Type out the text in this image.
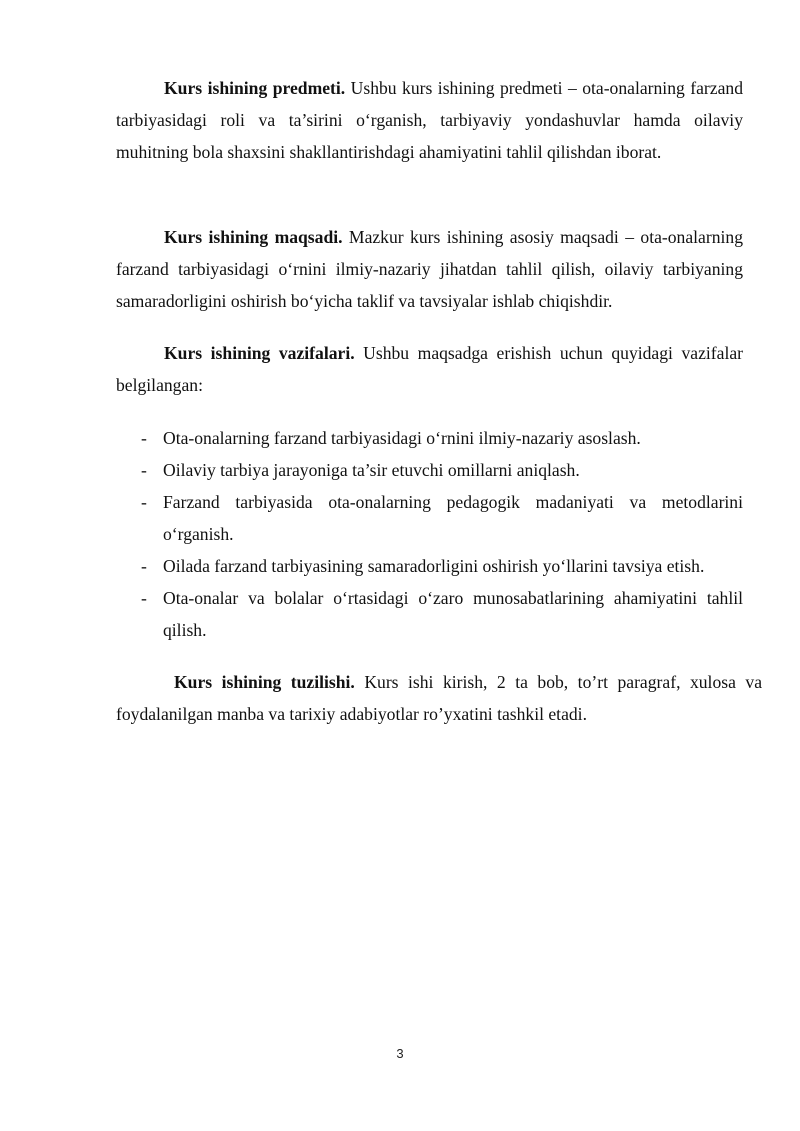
Kurs ishining predmeti. Ushbu kurs ishining predmeti – ota-onalarning farzand tarbiyasidagi roli va ta’sirini oʻrganish, tarbiyaviy yondashuvlar hamda oilaviy muhitning bola shaxsini shakllantirishdagi ahamiyatini tahlil qilishdan iborat.

Kurs ishining maqsadi. Mazkur kurs ishining asosiy maqsadi – ota-onalarning farzand tarbiyasidagi oʻrnini ilmiy-nazariy jihatdan tahlil qilish, oilaviy tarbiyaning samaradorligini oshirish boʻyicha taklif va tavsiyalar ishlab chiqishdir.

Kurs ishining vazifalari. Ushbu maqsadga erishish uchun quyidagi vazifalar belgilangan:

- Ota-onalarning farzand tarbiyasidagi oʻrnini ilmiy-nazariy asoslash.
- Oilaviy tarbiya jarayoniga ta’sir etuvchi omillarni aniqlash.
- Farzand tarbiyasida ota-onalarning pedagogik madaniyati va metodlarini oʻrganish.
- Oilada farzand tarbiyasining samaradorligini oshirish yoʻllarini tavsiya etish.
- Ota-onalar va bolalar oʻrtasidagi oʻzaro munosabatlarining ahamiyatini tahlil qilish.

Kurs ishining tuzilishi. Kurs ishi kirish, 2 ta bob, to’rt paragraf, xulosa va foydalanilgan manba va tarixiy adabiyotlar ro’yxatini tashkil etadi.

3
